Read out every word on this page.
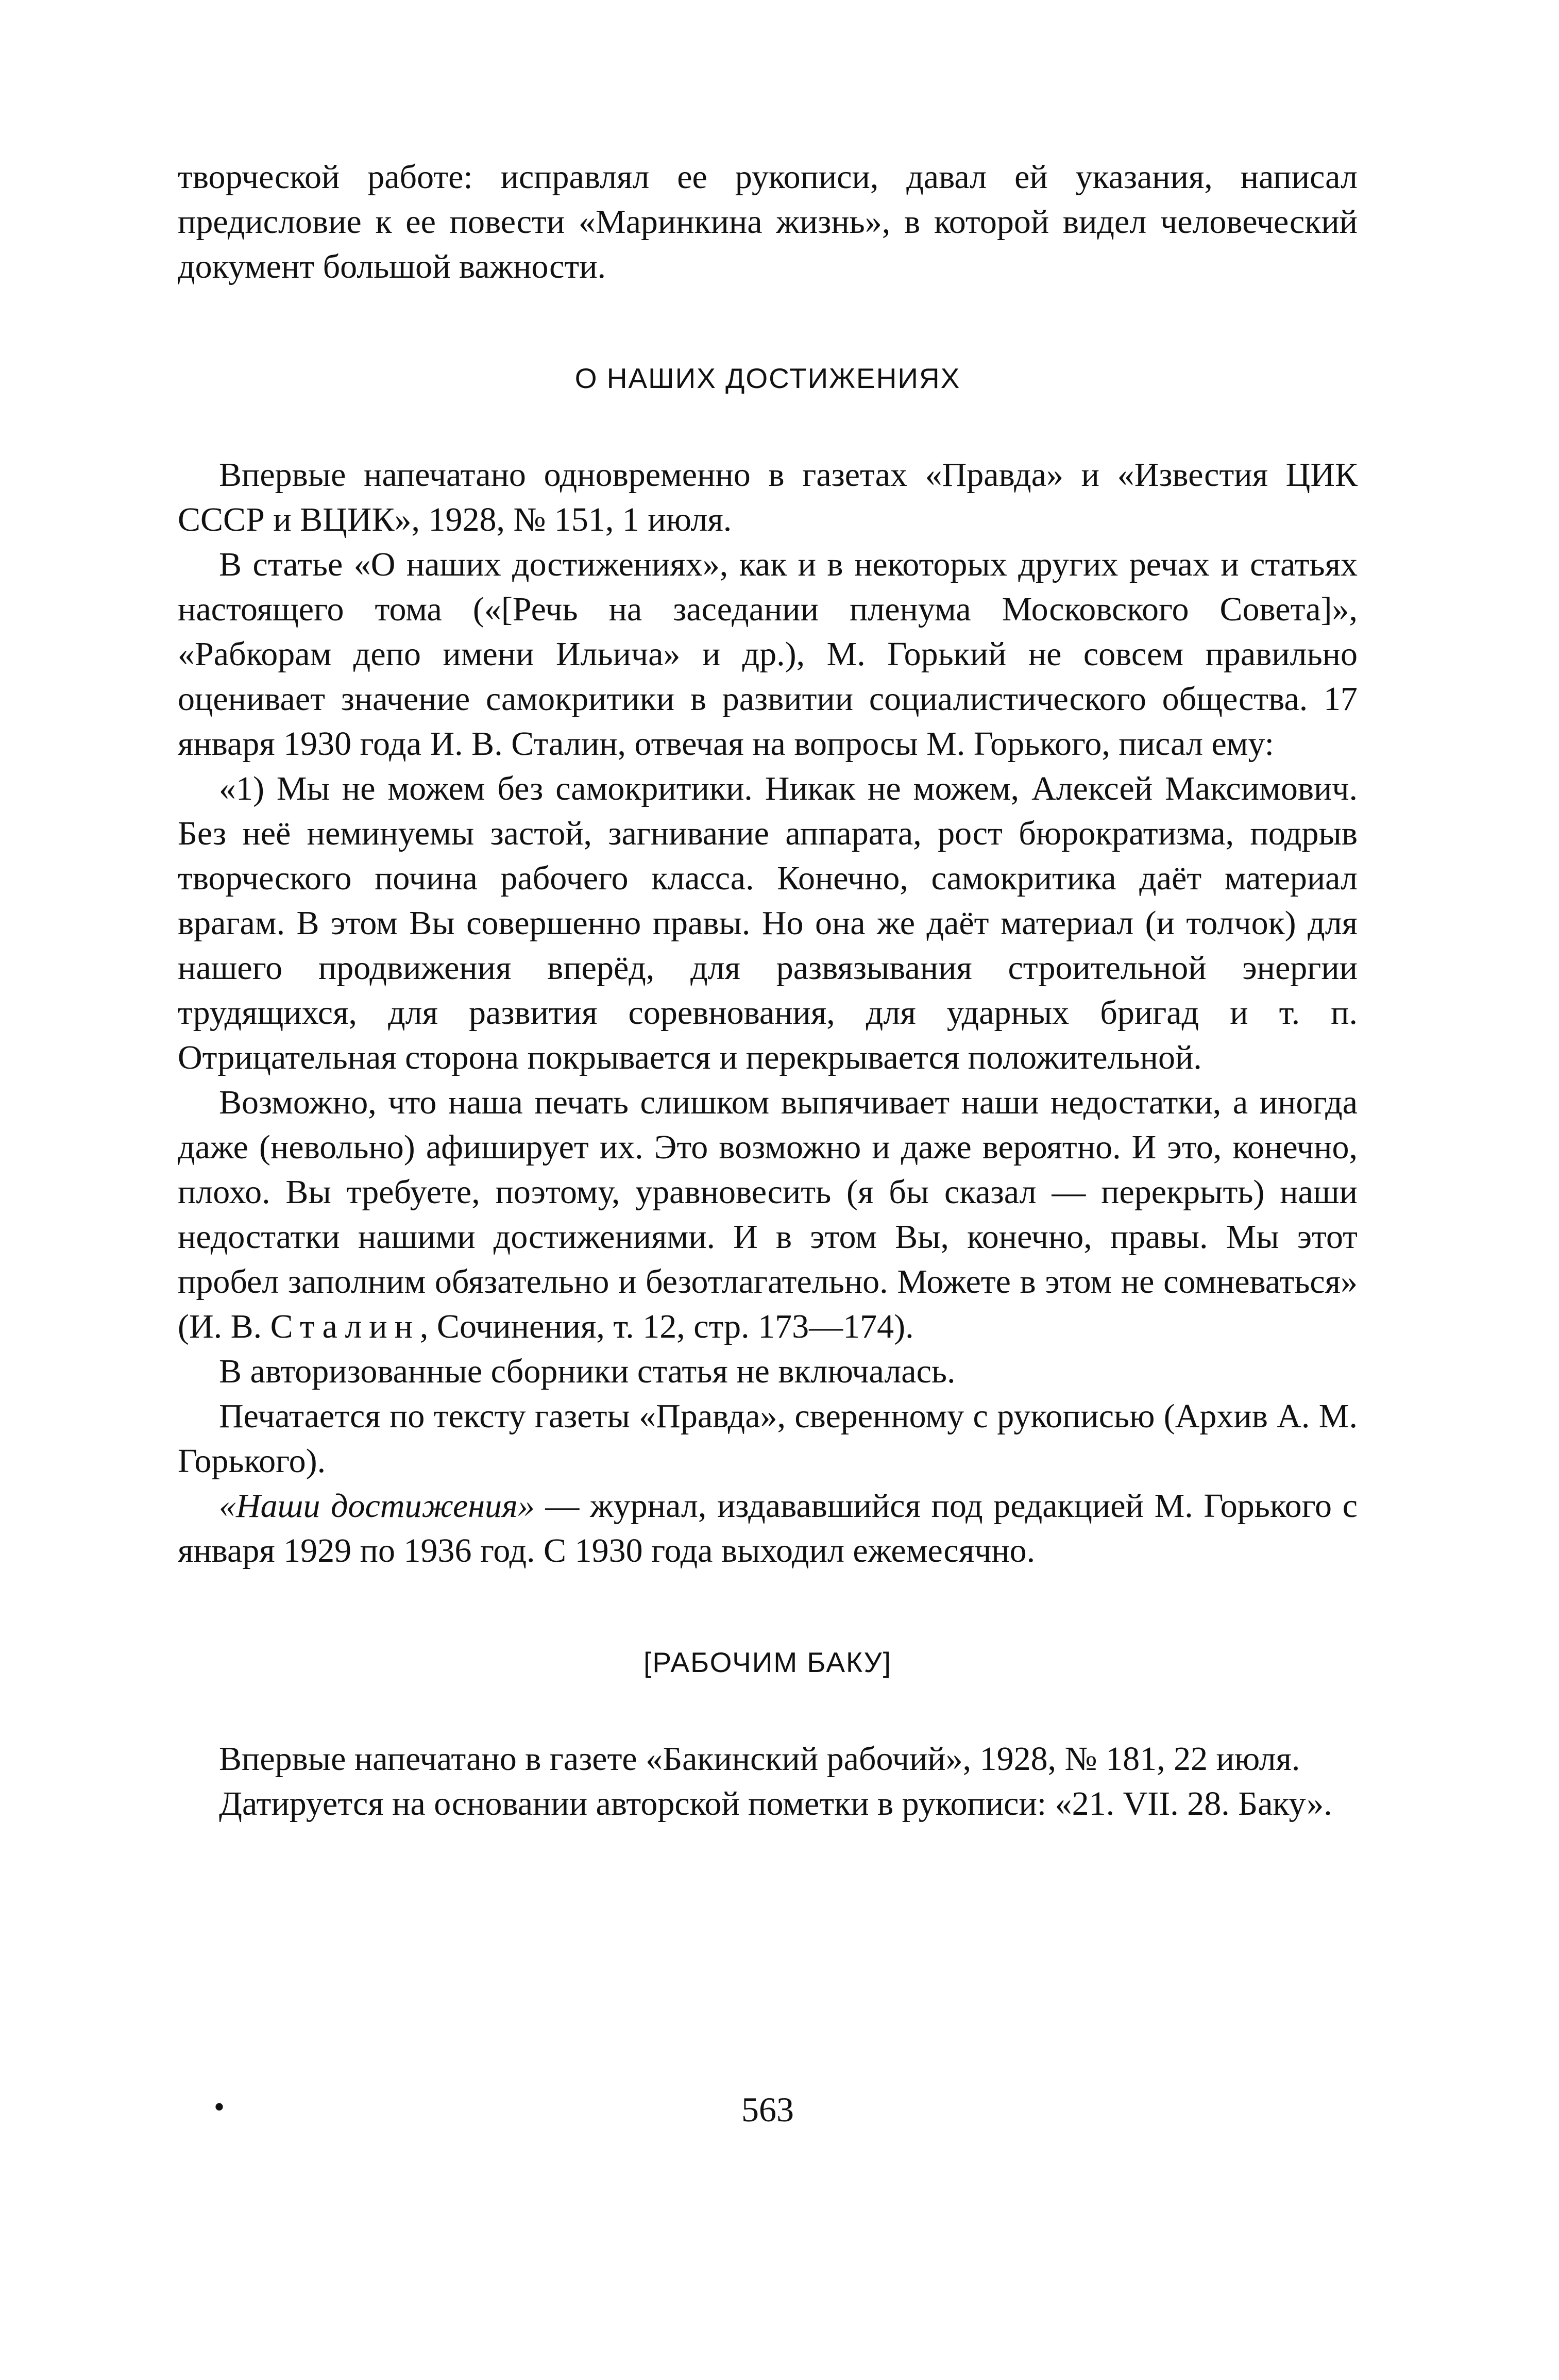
творческой работе: исправлял ее рукописи, давал ей указания, написал предисловие к ее повести «Маринкина жизнь», в которой видел человеческий документ большой важности.

О НАШИХ ДОСТИЖЕНИЯХ

Впервые напечатано одновременно в газетах «Правда» и «Известия ЦИК СССР и ВЦИК», 1928, № 151, 1 июля.

В статье «О наших достижениях», как и в некоторых других речах и статьях настоящего тома («[Речь на заседании пленума Московского Совета]», «Рабкорам депо имени Ильича» и др.), М. Горький не совсем правильно оценивает значение самокритики в развитии социалистического общества. 17 января 1930 года И. В. Сталин, отвечая на вопросы М. Горького, писал ему:

«1) Мы не можем без самокритики. Никак не можем, Алексей Максимович. Без неё неминуемы застой, загнивание аппарата, рост бюрократизма, подрыв творческого почина рабочего класса. Конечно, самокритика даёт материал врагам. В этом Вы совершенно правы. Но она же даёт материал (и толчок) для нашего продвижения вперёд, для развязывания строительной энергии трудящихся, для развития соревнования, для ударных бригад и т. п. Отрицательная сторона покрывается и перекрывается положительной.

Возможно, что наша печать слишком выпячивает наши недостатки, а иногда даже (невольно) афиширует их. Это возможно и даже вероятно. И это, конечно, плохо. Вы требуете, поэтому, уравновесить (я бы сказал — перекрыть) наши недостатки нашими достижениями. И в этом Вы, конечно, правы. Мы этот пробел заполним обязательно и безотлагательно. Можете в этом не сомневаться» (И. В. Сталин, Сочинения, т. 12, стр. 173—174).

В авторизованные сборники статья не включалась.

Печатается по тексту газеты «Правда», сверенному с рукописью (Архив А. М. Горького).

«Наши достижения» — журнал, издававшийся под редакцией М. Горького с января 1929 по 1936 год. С 1930 года выходил ежемесячно.

[РАБОЧИМ БАКУ]

Впервые напечатано в газете «Бакинский рабочий», 1928, № 181, 22 июля.

Датируется на основании авторской пометки в рукописи: «21. VII. 28. Баку».

•	563
